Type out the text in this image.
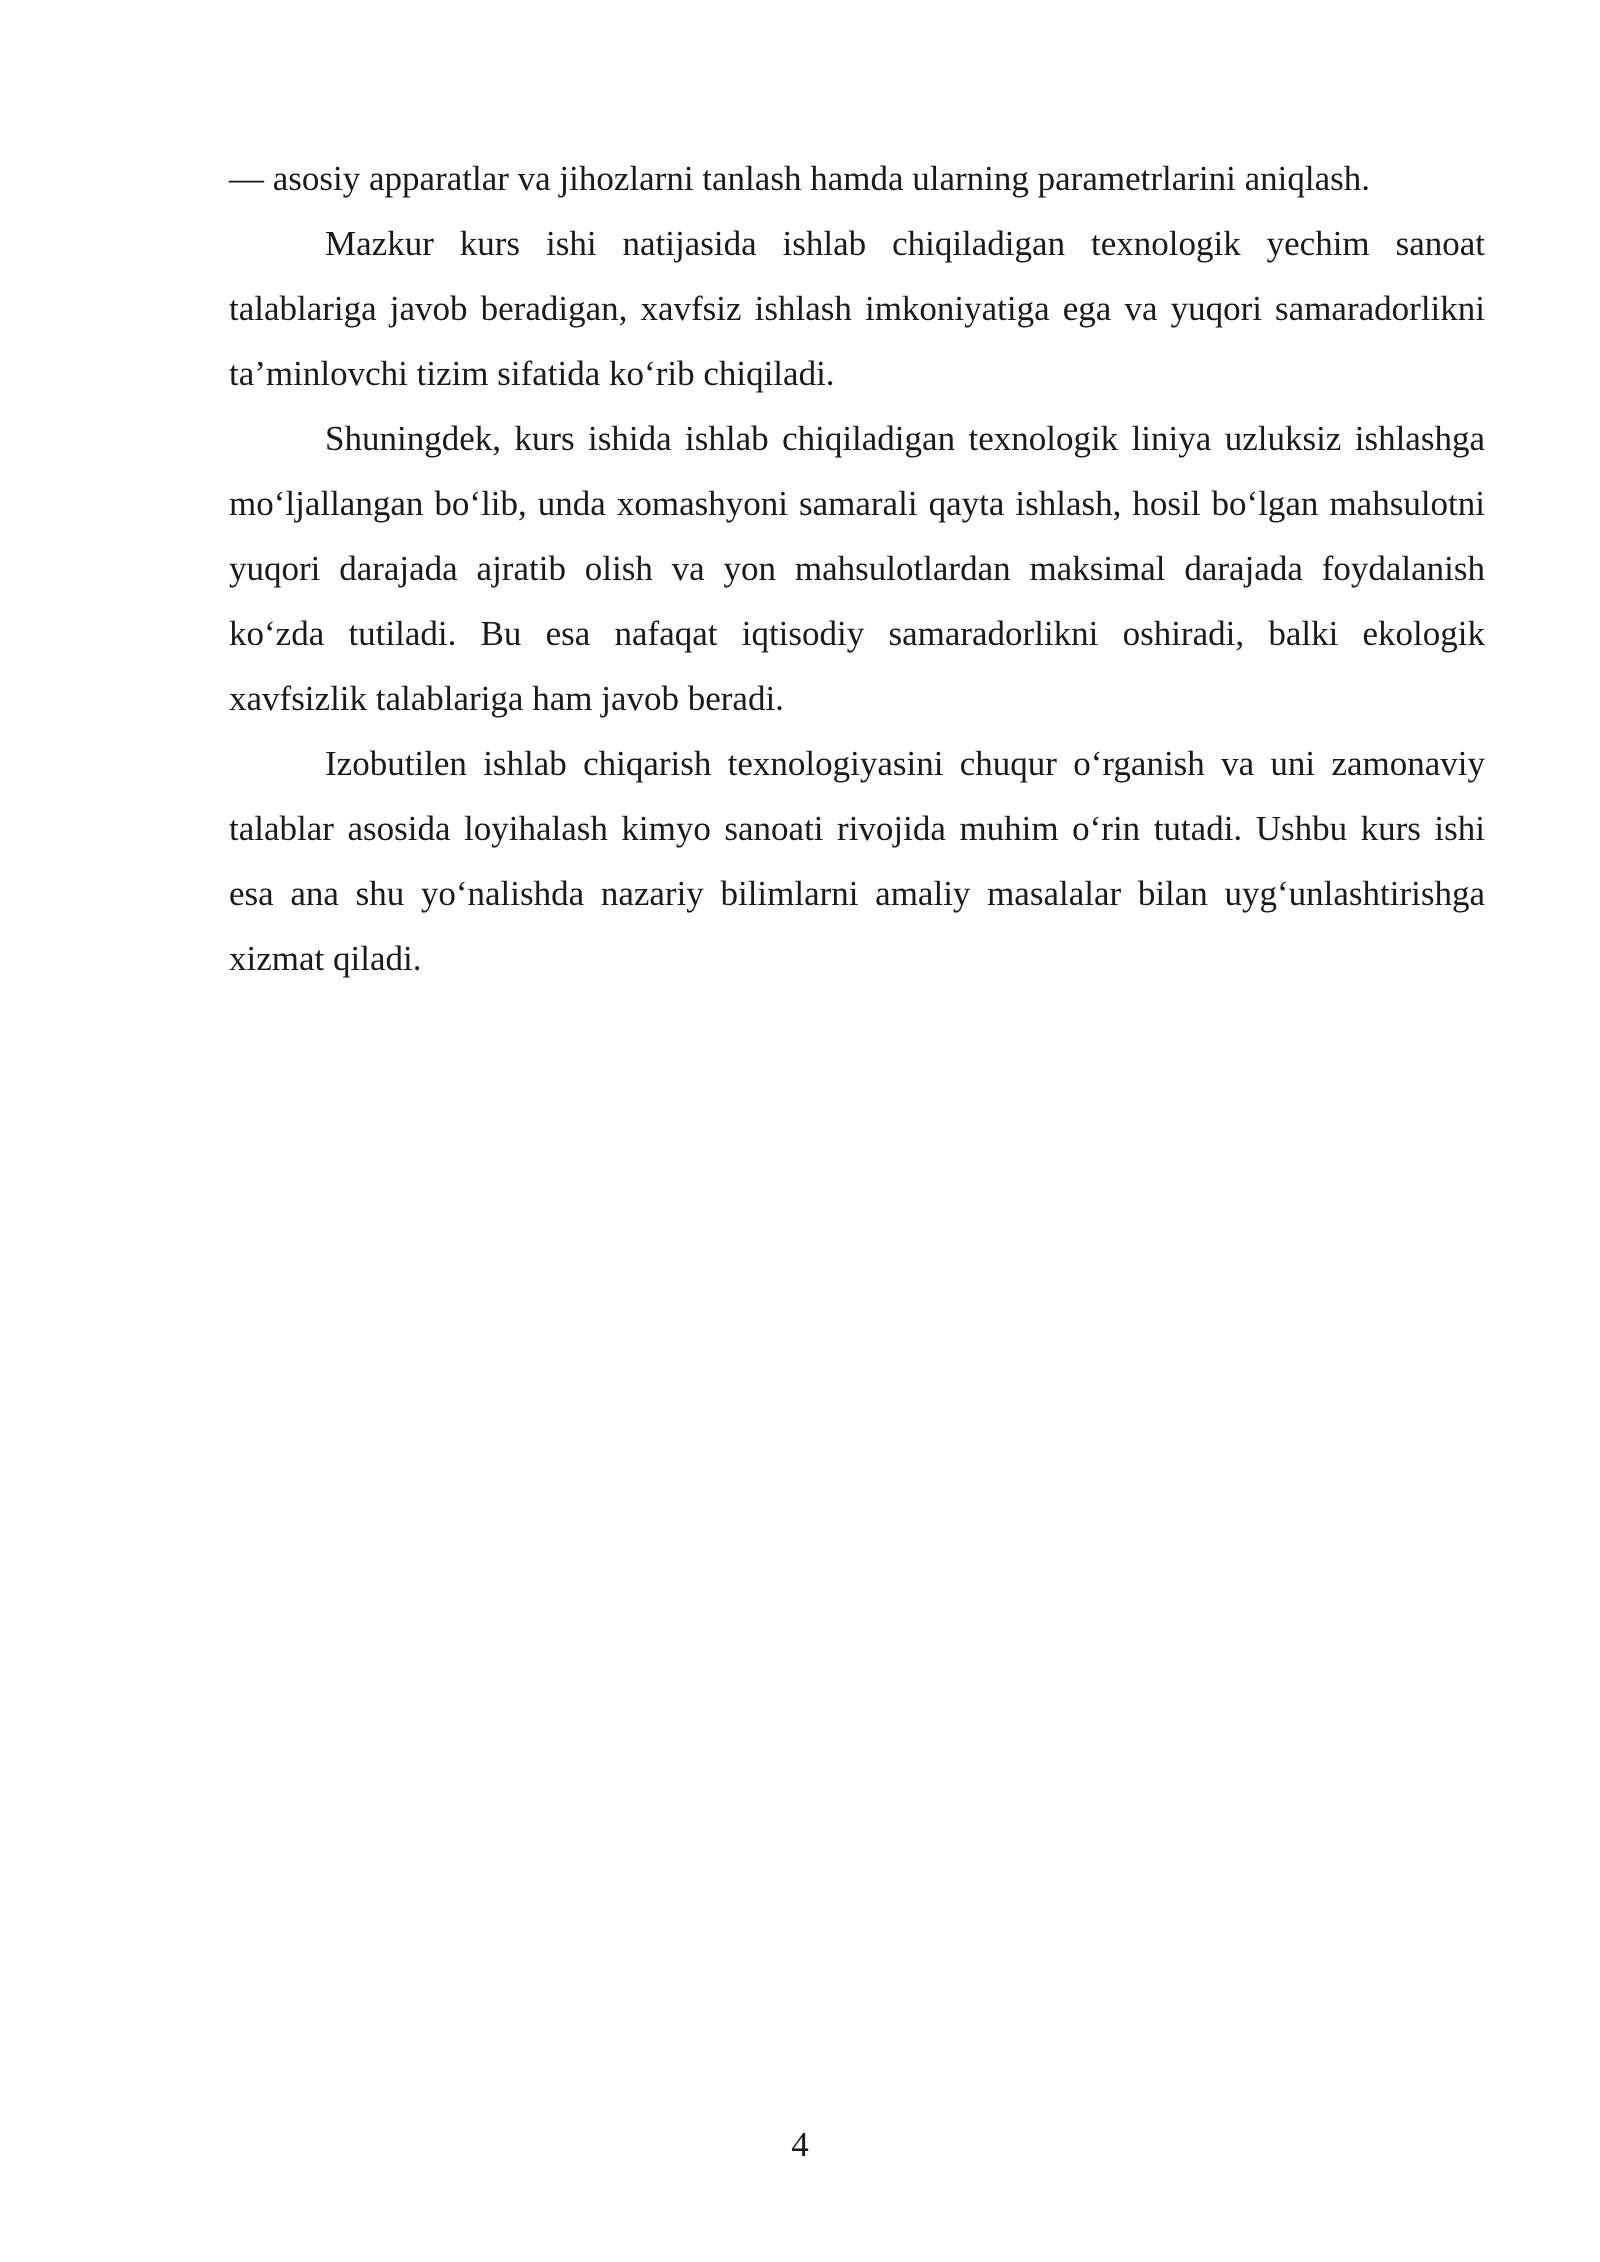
— asosiy apparatlar va jihozlarni tanlash hamda ularning parametrlarini aniqlash.

Mazkur kurs ishi natijasida ishlab chiqiladigan texnologik yechim sanoat talablariga javob beradigan, xavfsiz ishlash imkoniyatiga ega va yuqori samaradorlikni ta’minlovchi tizim sifatida ko‘rib chiqiladi.

Shuningdek, kurs ishida ishlab chiqiladigan texnologik liniya uzluksiz ishlashga mo‘ljallangan bo‘lib, unda xomashyoni samarali qayta ishlash, hosil bo‘lgan mahsulotni yuqori darajada ajratib olish va yon mahsulotlardan maksimal darajada foydalanish ko‘zda tutiladi. Bu esa nafaqat iqtisodiy samaradorlikni oshiradi, balki ekologik xavfsizlik talablariga ham javob beradi.

Izobutilen ishlab chiqarish texnologiyasini chuqur o‘rganish va uni zamonaviy talablar asosida loyihalash kimyo sanoati rivojida muhim o‘rin tutadi. Ushbu kurs ishi esa ana shu yo‘nalishda nazariy bilimlarni amaliy masalalar bilan uyg‘unlashtirishga xizmat qiladi.

4
